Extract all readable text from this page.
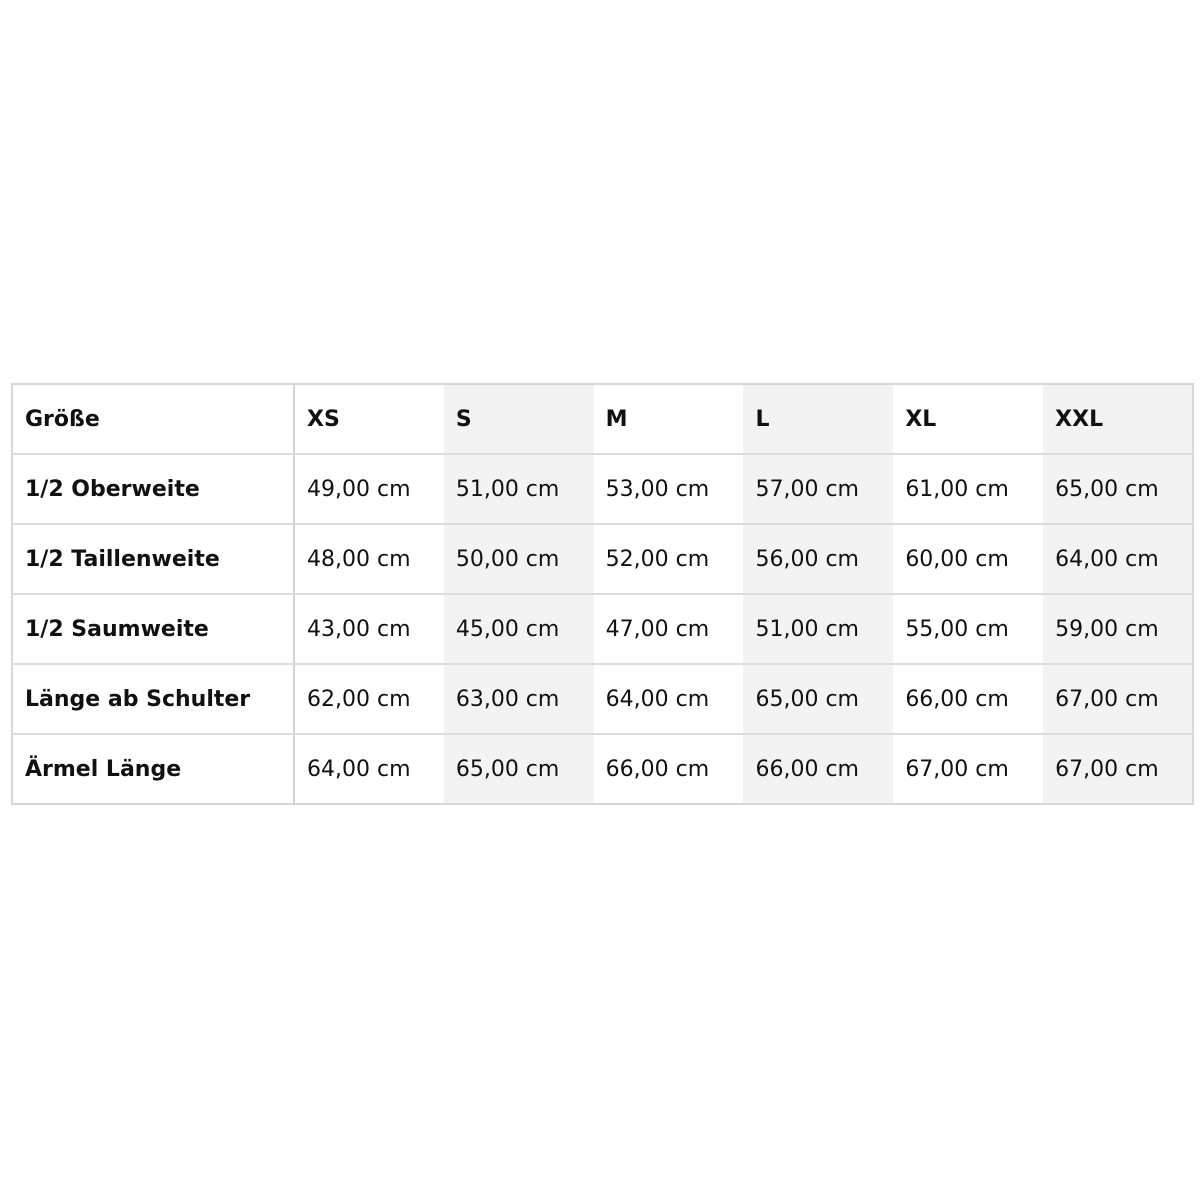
Größe	XS	S	M	L	XL	XXL
1/2 Oberweite	49,00 cm	51,00 cm	53,00 cm	57,00 cm	61,00 cm	65,00 cm
1/2 Taillenweite	48,00 cm	50,00 cm	52,00 cm	56,00 cm	60,00 cm	64,00 cm
1/2 Saumweite	43,00 cm	45,00 cm	47,00 cm	51,00 cm	55,00 cm	59,00 cm
Länge ab Schulter	62,00 cm	63,00 cm	64,00 cm	65,00 cm	66,00 cm	67,00 cm
Ärmel Länge	64,00 cm	65,00 cm	66,00 cm	66,00 cm	67,00 cm	67,00 cm
